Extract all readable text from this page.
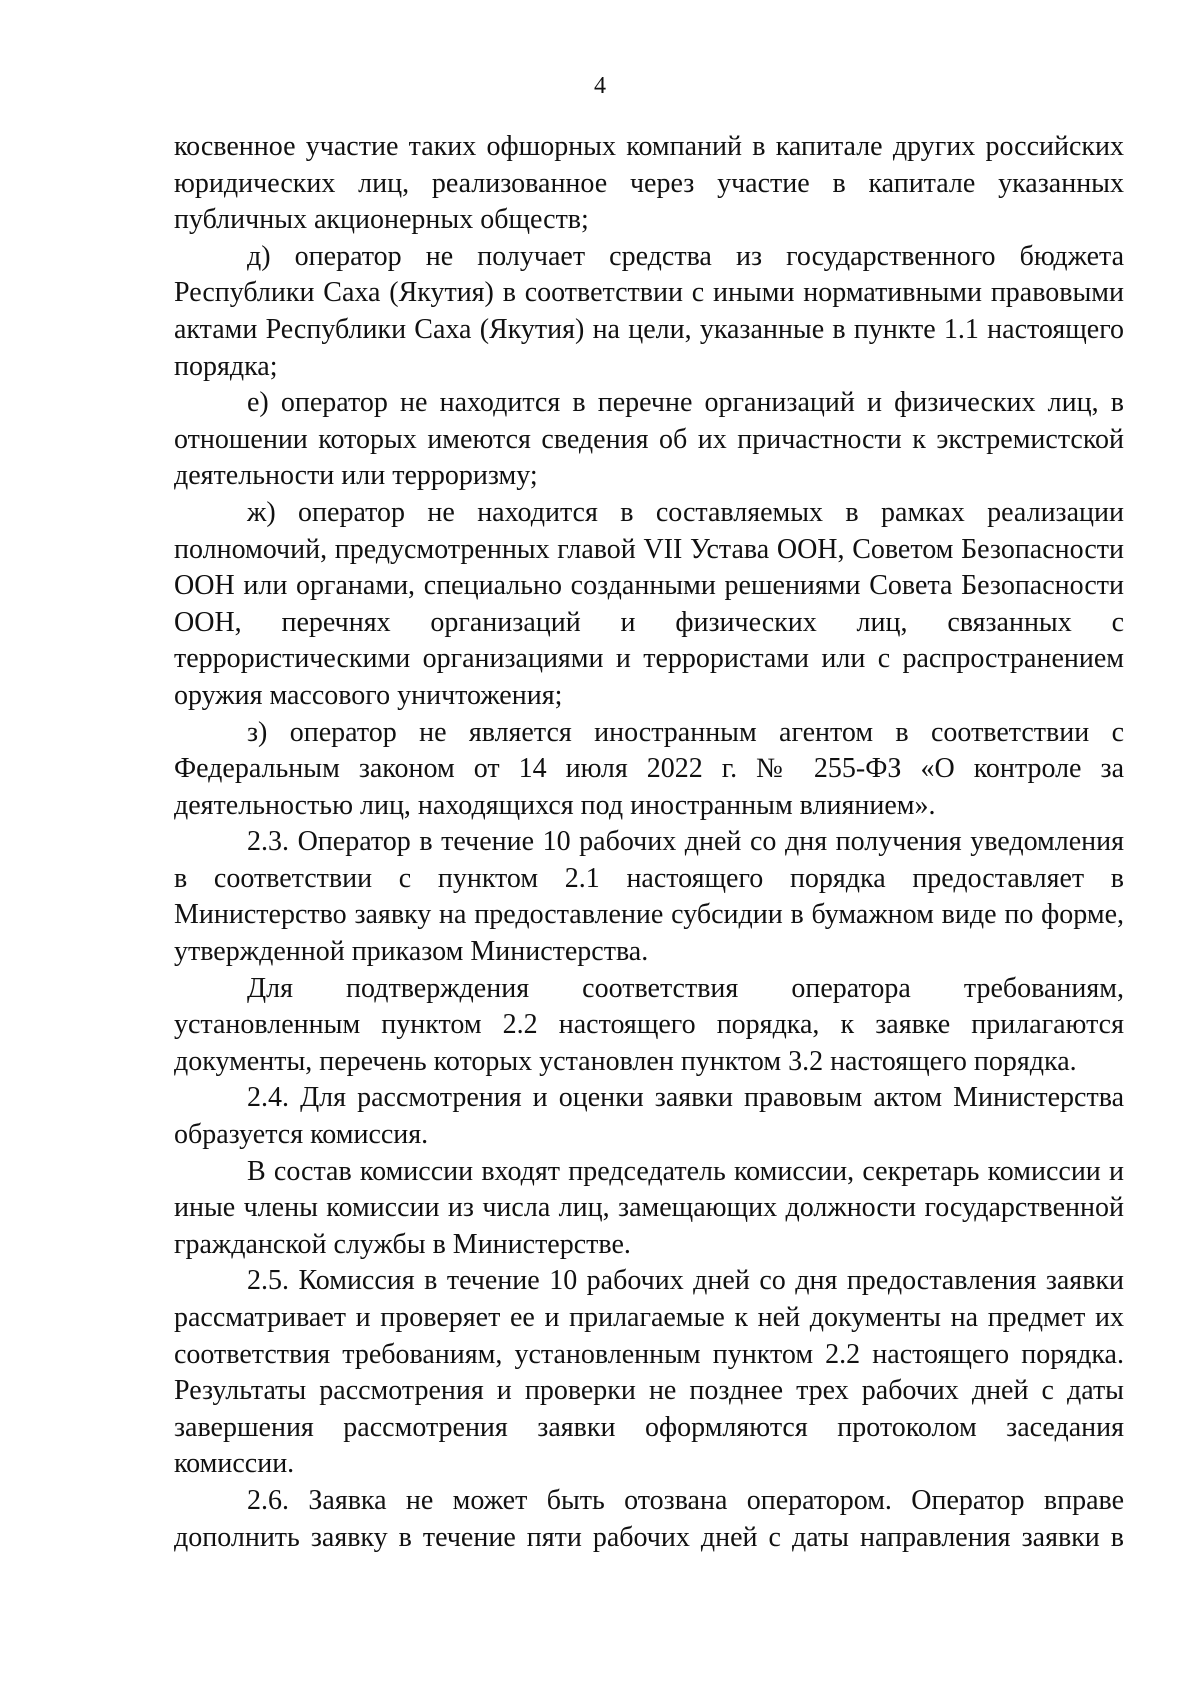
4

косвенное участие таких офшорных компаний в капитале других российских юридических лиц, реализованное через участие в капитале указанных публичных акционерных обществ;

д) оператор не получает средства из государственного бюджета Республики Саха (Якутия) в соответствии с иными нормативными правовыми актами Республики Саха (Якутия) на цели, указанные в пункте 1.1 настоящего порядка;

е) оператор не находится в перечне организаций и физических лиц, в отношении которых имеются сведения об их причастности к экстремистской деятельности или терроризму;

ж) оператор не находится в составляемых в рамках реализации полномочий, предусмотренных главой VII Устава ООН, Советом Безопасности ООН или органами, специально созданными решениями Совета Безопасности ООН, перечнях организаций и физических лиц, связанных с террористическими организациями и террористами или с распространением оружия массового уничтожения;

з) оператор не является иностранным агентом в соответствии с Федеральным законом от 14 июля 2022 г. № 255-ФЗ «О контроле за деятельностью лиц, находящихся под иностранным влиянием».

2.3. Оператор в течение 10 рабочих дней со дня получения уведомления в соответствии с пунктом 2.1 настоящего порядка предоставляет в Министерство заявку на предоставление субсидии в бумажном виде по форме, утвержденной приказом Министерства.

Для подтверждения соответствия оператора требованиям, установленным пунктом 2.2 настоящего порядка, к заявке прилагаются документы, перечень которых установлен пунктом 3.2 настоящего порядка.

2.4. Для рассмотрения и оценки заявки правовым актом Министерства образуется комиссия.

В состав комиссии входят председатель комиссии, секретарь комиссии и иные члены комиссии из числа лиц, замещающих должности государственной гражданской службы в Министерстве.

2.5. Комиссия в течение 10 рабочих дней со дня предоставления заявки рассматривает и проверяет ее и прилагаемые к ней документы на предмет их соответствия требованиям, установленным пунктом 2.2 настоящего порядка. Результаты рассмотрения и проверки не позднее трех рабочих дней с даты завершения рассмотрения заявки оформляются протоколом заседания комиссии.

2.6. Заявка не может быть отозвана оператором. Оператор вправе дополнить заявку в течение пяти рабочих дней с даты направления заявки в
